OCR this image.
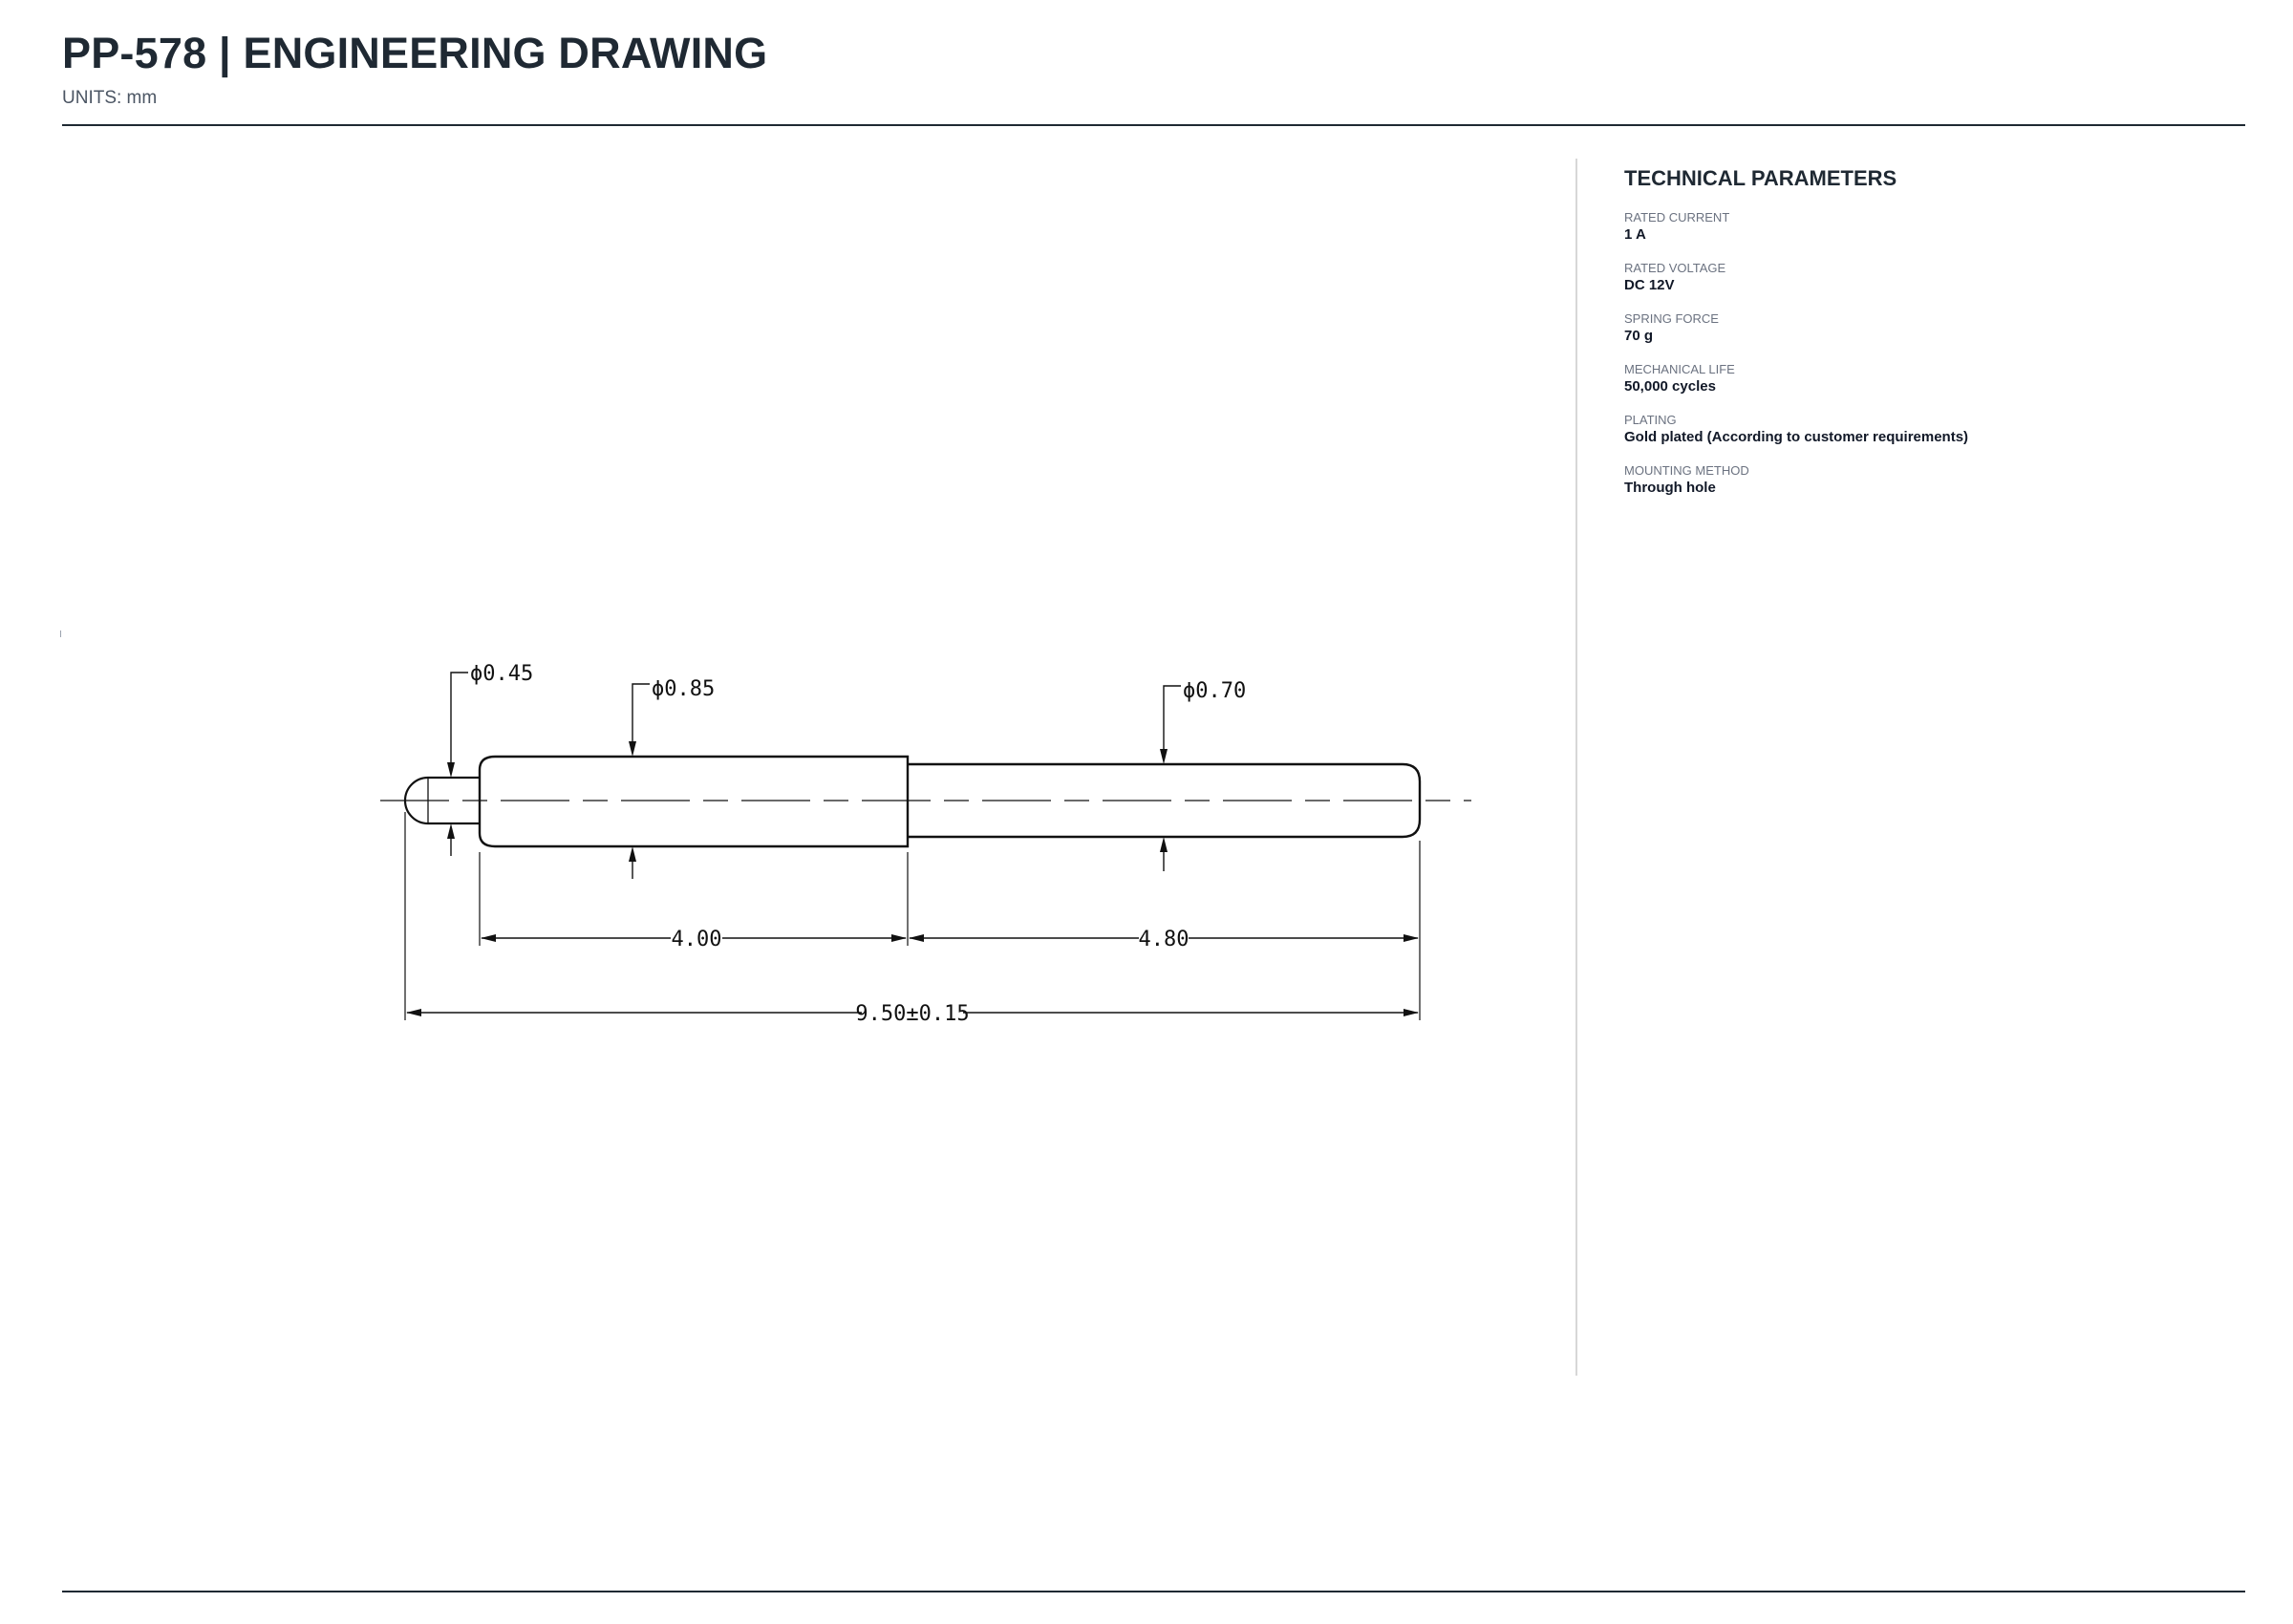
PP-578 | ENGINEERING DRAWING
UNITS: mm
ϕ0.45
ϕ0.85	ϕ0.70
4.00	4.80
9.50±0.15
TECHNICAL PARAMETERS
RATED CURRENT
1 A
RATED VOLTAGE
DC 12V
SPRING FORCE
70 g
MECHANICAL LIFE
50,000 cycles
PLATING
Gold plated (According to customer requirements)
MOUNTING METHOD
Through hole
